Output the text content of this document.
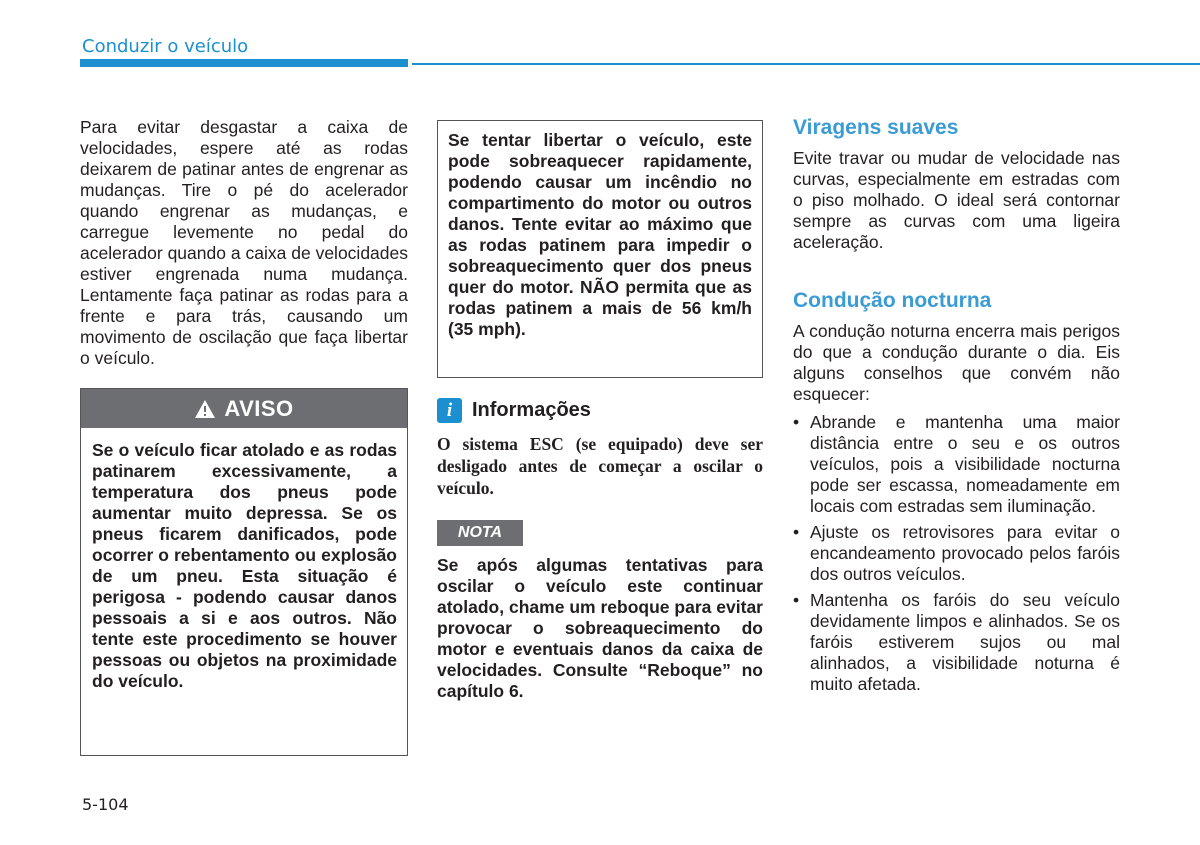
Conduzir o veículo

Para evitar desgastar a caixa de velocidades, espere até as rodas deixarem de patinar antes de engrenar as mudanças. Tire o pé do acelerador quando engrenar as mudanças, e carregue levemente no pedal do acelerador quando a caixa de velocidades estiver engrenada numa mudança. Lentamente faça patinar as rodas para a frente e para trás, causando um movimento de oscilação que faça libertar o veículo.

AVISO

Se o veículo ficar atolado e as rodas patinarem excessivamente, a temperatura dos pneus pode aumentar muito depressa. Se os pneus ficarem danificados, pode ocorrer o rebentamento ou explosão de um pneu. Esta situação é perigosa - podendo causar danos pessoais a si e aos outros. Não tente este procedimento se houver pessoas ou objetos na proximidade do veículo.

Se tentar libertar o veículo, este pode sobreaquecer rapidamente, podendo causar um incêndio no compartimento do motor ou outros danos. Tente evitar ao máximo que as rodas patinem para impedir o sobreaquecimento quer dos pneus quer do motor. NÃO permita que as rodas patinem a mais de 56 km/h (35 mph).

i Informações

O sistema ESC (se equipado) deve ser desligado antes de começar a oscilar o veículo.

NOTA

Se após algumas tentativas para oscilar o veículo este continuar atolado, chame um reboque para evitar provocar o sobreaquecimento do motor e eventuais danos da caixa de velocidades. Consulte “Reboque” no capítulo 6.

Viragens suaves

Evite travar ou mudar de velocidade nas curvas, especialmente em estradas com o piso molhado. O ideal será contornar sempre as curvas com uma ligeira aceleração.

Condução nocturna

A condução noturna encerra mais perigos do que a condução durante o dia. Eis alguns conselhos que convém não esquecer:

• Abrande e mantenha uma maior distância entre o seu e os outros veículos, pois a visibilidade nocturna pode ser escassa, nomeadamente em locais com estradas sem iluminação.
• Ajuste os retrovisores para evitar o encandeamento provocado pelos faróis dos outros veículos.
• Mantenha os faróis do seu veículo devidamente limpos e alinhados. Se os faróis estiverem sujos ou mal alinhados, a visibilidade noturna é muito afetada.
5-104
